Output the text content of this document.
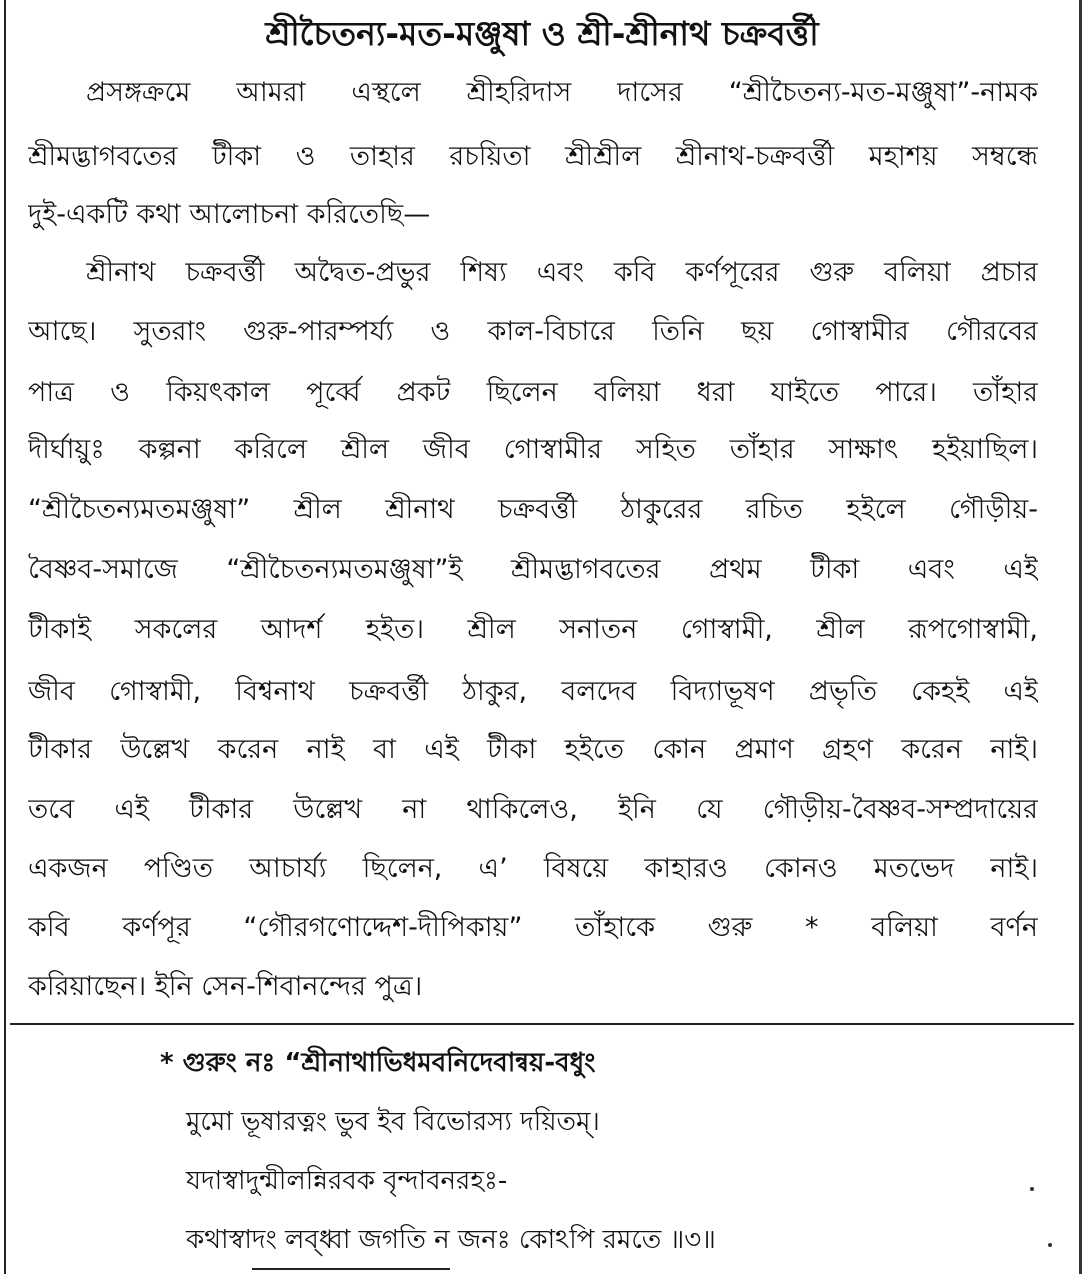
শ্রীচৈতন্য-মত-মঞ্জুষা ও শ্রী-শ্রীনাথ চক্রবর্ত্তী

প্রসঙ্গক্রমে আমরা এস্থলে শ্রীহরিদাস দাসের “শ্রীচৈতন্য-মত-মঞ্জুষা”-নামক

শ্রীমদ্ভাগবতের টীকা ও তাহার রচয়িতা শ্রীশ্রীল শ্রীনাথ-চক্রবর্ত্তী মহাশয় সম্বন্ধে

দুই-একটি কথা আলোচনা করিতেছি—

শ্রীনাথ চক্রবর্ত্তী অদ্বৈত-প্রভুর শিষ্য এবং কবি কর্ণপূরের গুরু বলিয়া প্রচার

আছে। সুতরাং গুরু-পারম্পর্য্য ও কাল-বিচারে তিনি ছয় গোস্বামীর গৌরবের

পাত্র ও কিয়ৎকাল পূর্ব্বে প্রকট ছিলেন বলিয়া ধরা যাইতে পারে। তাঁহার

দীর্ঘায়ুঃ কল্পনা করিলে শ্রীল জীব গোস্বামীর সহিত তাঁহার সাক্ষাৎ হইয়াছিল।

“শ্রীচৈতন্যমতমঞ্জুষা” শ্রীল শ্রীনাথ চক্রবর্ত্তী ঠাকুরের রচিত হইলে গৌড়ীয়-

বৈষ্ণব-সমাজে “শ্রীচৈতন্যমতমঞ্জুষা”ই শ্রীমদ্ভাগবতের প্রথম টীকা এবং এই

টীকাই সকলের আদর্শ হইত। শ্রীল সনাতন গোস্বামী, শ্রীল রূপগোস্বামী,

জীব গোস্বামী, বিশ্বনাথ চক্রবর্ত্তী ঠাকুর, বলদেব বিদ্যাভূষণ প্রভৃতি কেহই এই

টীকার উল্লেখ করেন নাই বা এই টীকা হইতে কোন প্রমাণ গ্রহণ করেন নাই।

তবে এই টীকার উল্লেখ না থাকিলেও, ইনি যে গৌড়ীয়-বৈষ্ণব-সম্প্রদায়ের

একজন পণ্ডিত আচার্য্য ছিলেন, এ’ বিষয়ে কাহারও কোনও মতভেদ নাই।

কবি কর্ণপূর “গৌরগণোদ্দেশ-দীপিকায়” তাঁহাকে গুরু * বলিয়া বর্ণন

করিয়াছেন। ইনি সেন-শিবানন্দের পুত্র।

* গুরুং নঃ “শ্রীনাথাভিধমবনিদেবান্বয়-বধুং

মুমো ভূষারত্নং ভুব ইব বিভোরস্য দয়িতম্।

যদাস্বাদুন্মীলন্নিরবক বৃন্দাবনরহঃ-

কথাস্বাদং লব্ধ্বা জগতি ন জনঃ কোঽপি রমতে ॥৩॥
